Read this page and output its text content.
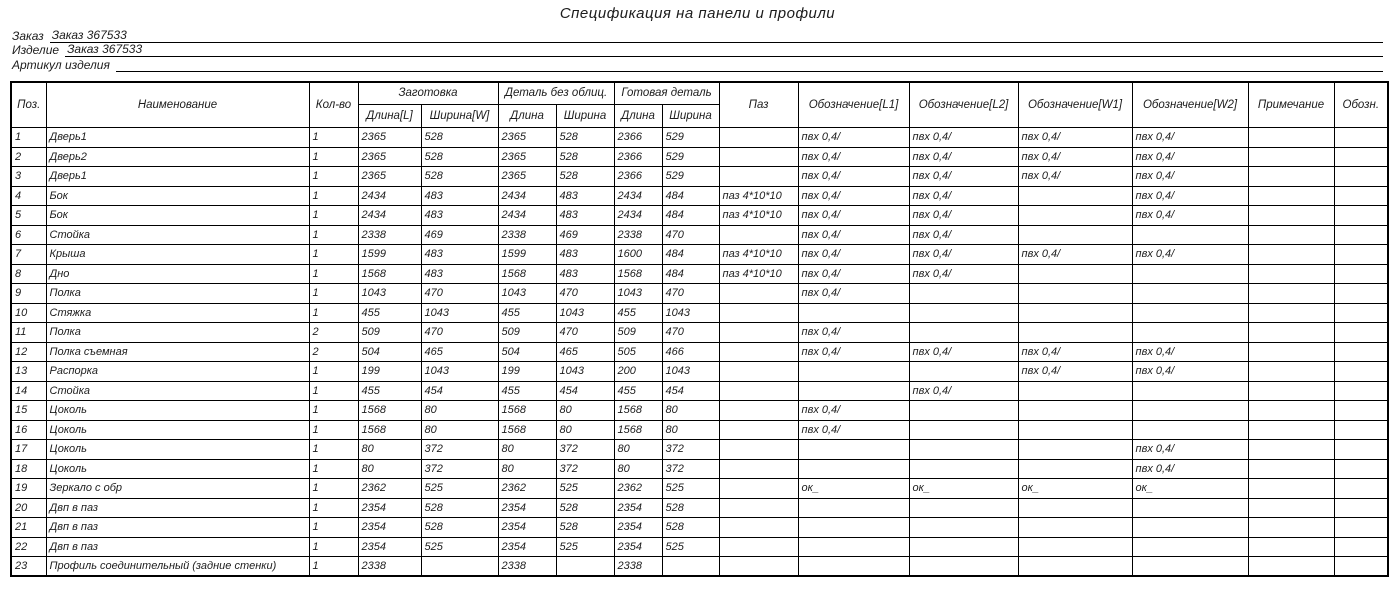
Спецификация на панели и профили
Заказ Заказ 367533
Изделие Заказ 367533
Артикул изделия
Поз.	Наименование	Кол-во	Заготовка		Деталь без облиц.		Готовая деталь		Паз	Обозначение[L1]	Обозначение[L2]	Обозначение[W1]	Обозначение[W2]	Примечание	Обозн.
			Длина[L]	Ширина[W]	Длина	Ширина	Длина	Ширина							
1	Дверь1	1	2365	528	2365	528	2366	529		пвх 0,4/	пвх 0,4/	пвх 0,4/	пвх 0,4/		
2	Дверь2	1	2365	528	2365	528	2366	529		пвх 0,4/	пвх 0,4/	пвх 0,4/	пвх 0,4/		
3	Дверь1	1	2365	528	2365	528	2366	529		пвх 0,4/	пвх 0,4/	пвх 0,4/	пвх 0,4/		
4	Бок	1	2434	483	2434	483	2434	484	паз 4*10*10	пвх 0,4/	пвх 0,4/		пвх 0,4/		
5	Бок	1	2434	483	2434	483	2434	484	паз 4*10*10	пвх 0,4/	пвх 0,4/		пвх 0,4/		
6	Стойка	1	2338	469	2338	469	2338	470		пвх 0,4/	пвх 0,4/				
7	Крыша	1	1599	483	1599	483	1600	484	паз 4*10*10	пвх 0,4/	пвх 0,4/	пвх 0,4/	пвх 0,4/		
8	Дно	1	1568	483	1568	483	1568	484	паз 4*10*10	пвх 0,4/	пвх 0,4/				
9	Полка	1	1043	470	1043	470	1043	470		пвх 0,4/					
10	Стяжка	1	455	1043	455	1043	455	1043							
11	Полка	2	509	470	509	470	509	470		пвх 0,4/					
12	Полка съемная	2	504	465	504	465	505	466		пвх 0,4/	пвх 0,4/	пвх 0,4/	пвх 0,4/		
13	Распорка	1	199	1043	199	1043	200	1043				пвх 0,4/	пвх 0,4/		
14	Стойка	1	455	454	455	454	455	454			пвх 0,4/				
15	Цоколь	1	1568	80	1568	80	1568	80		пвх 0,4/					
16	Цоколь	1	1568	80	1568	80	1568	80		пвх 0,4/					
17	Цоколь	1	80	372	80	372	80	372					пвх 0,4/		
18	Цоколь	1	80	372	80	372	80	372					пвх 0,4/		
19	Зеркало с обр	1	2362	525	2362	525	2362	525		ок_	ок_	ок_	ок_		
20	Двп в паз	1	2354	528	2354	528	2354	528							
21	Двп в паз	1	2354	528	2354	528	2354	528							
22	Двп в паз	1	2354	525	2354	525	2354	525							
23	Профиль соединительный (задние стенки)	1	2338		2338		2338								
